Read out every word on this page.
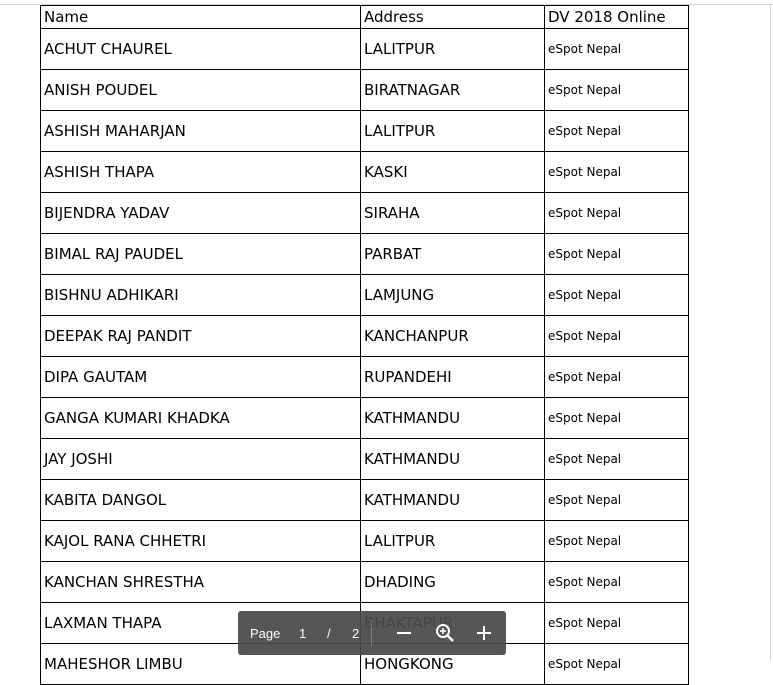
Name	Address	DV 2018 Online
ACHUT CHAUREL	LALITPUR	eSpot Nepal
ANISH POUDEL	BIRATNAGAR	eSpot Nepal
ASHISH MAHARJAN	LALITPUR	eSpot Nepal
ASHISH THAPA	KASKI	eSpot Nepal
BIJENDRA YADAV	SIRAHA	eSpot Nepal
BIMAL RAJ PAUDEL	PARBAT	eSpot Nepal
BISHNU ADHIKARI	LAMJUNG	eSpot Nepal
DEEPAK RAJ PANDIT	KANCHANPUR	eSpot Nepal
DIPA GAUTAM	RUPANDEHI	eSpot Nepal
GANGA KUMARI KHADKA	KATHMANDU	eSpot Nepal
JAY JOSHI	KATHMANDU	eSpot Nepal
KABITA DANGOL	KATHMANDU	eSpot Nepal
KAJOL RANA CHHETRI	LALITPUR	eSpot Nepal
KANCHAN SHRESTHA	DHADING	eSpot Nepal
LAXMAN THAPA		eSpot Nepal
MAHESHOR LIMBU	HONGKONG	eSpot Nepal
Page 1 / 2
